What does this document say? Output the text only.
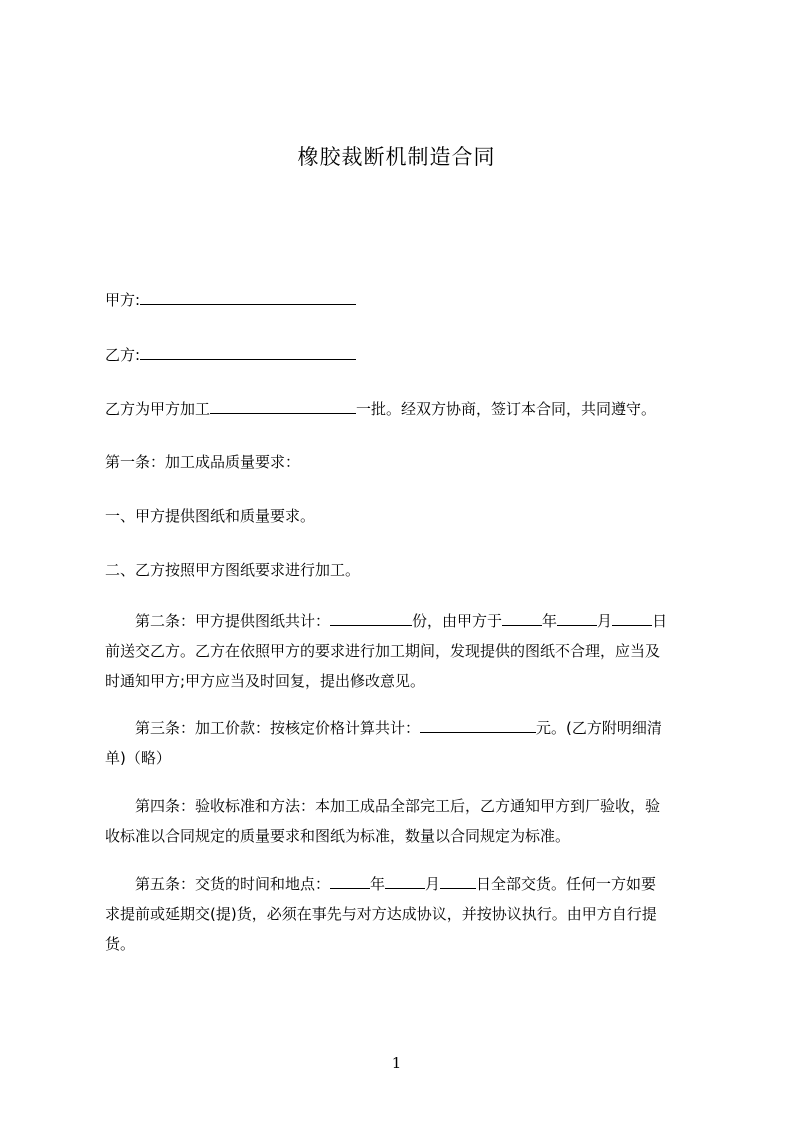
橡胶裁断机制造合同
甲方:
乙方:
乙方为甲方加工	一批。经双方协商，签订本合同，共同遵守。
第一条：加工成品质量要求：
一、甲方提供图纸和质量要求。
二、乙方按照甲方图纸要求进行加工。
第二条：甲方提供图纸共计：	份，由甲方于	年	月	日
前送交乙方。乙方在依照甲方的要求进行加工期间，发现提供的图纸不合理，应当及
时通知甲方;甲方应当及时回复，提出修改意见。
第三条：加工价款：按核定价格计算共计：	元。(乙方附明细清
单)（略）
第四条：验收标准和方法：本加工成品全部完工后，乙方通知甲方到厂验收，验
收标准以合同规定的质量要求和图纸为标准，数量以合同规定为标准。
第五条：交货的时间和地点：	年	月 日全部交货。任何一方如要
求提前或延期交(提)货，必须在事先与对方达成协议，并按协议执行。由甲方自行提
货。
1
